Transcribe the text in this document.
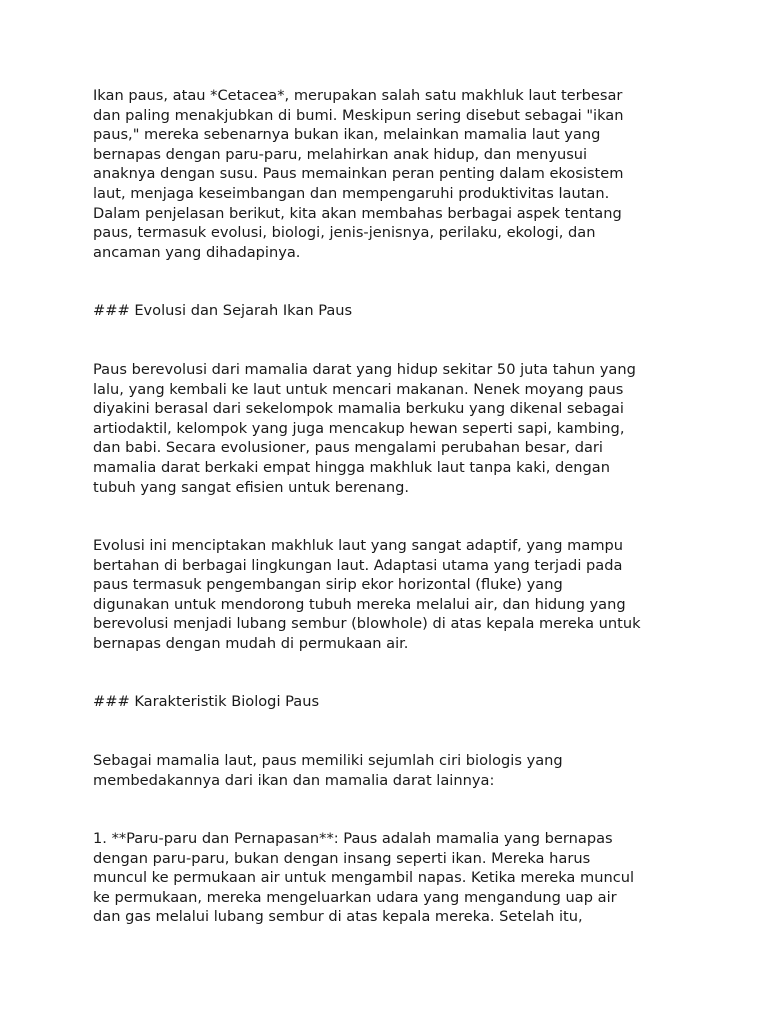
Ikan paus, atau *Cetacea*, merupakan salah satu makhluk laut terbesar
dan paling menakjubkan di bumi. Meskipun sering disebut sebagai "ikan
paus," mereka sebenarnya bukan ikan, melainkan mamalia laut yang
bernapas dengan paru-paru, melahirkan anak hidup, dan menyusui
anaknya dengan susu. Paus memainkan peran penting dalam ekosistem
laut, menjaga keseimbangan dan mempengaruhi produktivitas lautan.
Dalam penjelasan berikut, kita akan membahas berbagai aspek tentang
paus, termasuk evolusi, biologi, jenis-jenisnya, perilaku, ekologi, dan
ancaman yang dihadapinya.

### Evolusi dan Sejarah Ikan Paus

Paus berevolusi dari mamalia darat yang hidup sekitar 50 juta tahun yang
lalu, yang kembali ke laut untuk mencari makanan. Nenek moyang paus
diyakini berasal dari sekelompok mamalia berkuku yang dikenal sebagai
artiodaktil, kelompok yang juga mencakup hewan seperti sapi, kambing,
dan babi. Secara evolusioner, paus mengalami perubahan besar, dari
mamalia darat berkaki empat hingga makhluk laut tanpa kaki, dengan
tubuh yang sangat efisien untuk berenang.

Evolusi ini menciptakan makhluk laut yang sangat adaptif, yang mampu
bertahan di berbagai lingkungan laut. Adaptasi utama yang terjadi pada
paus termasuk pengembangan sirip ekor horizontal (fluke) yang
digunakan untuk mendorong tubuh mereka melalui air, dan hidung yang
berevolusi menjadi lubang sembur (blowhole) di atas kepala mereka untuk
bernapas dengan mudah di permukaan air.

### Karakteristik Biologi Paus

Sebagai mamalia laut, paus memiliki sejumlah ciri biologis yang
membedakannya dari ikan dan mamalia darat lainnya:

1. **Paru-paru dan Pernapasan**: Paus adalah mamalia yang bernapas
dengan paru-paru, bukan dengan insang seperti ikan. Mereka harus
muncul ke permukaan air untuk mengambil napas. Ketika mereka muncul
ke permukaan, mereka mengeluarkan udara yang mengandung uap air
dan gas melalui lubang sembur di atas kepala mereka. Setelah itu,
